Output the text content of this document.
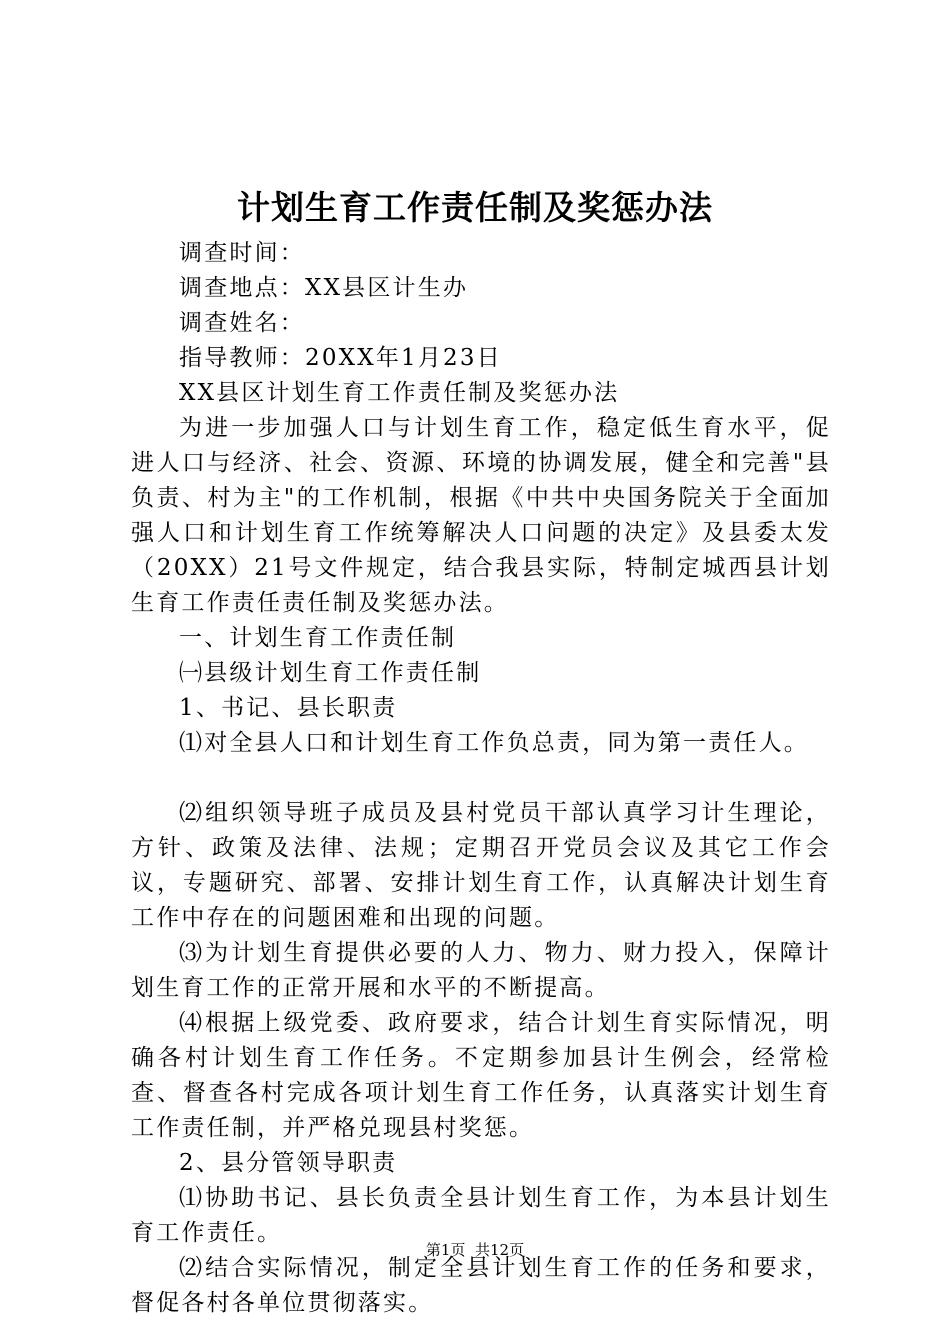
计划生育工作责任制及奖惩办法

调查时间：

调查地点：XX县区计生办

调查姓名：

指导教师：20XX年1月23日

XX县区计划生育工作责任制及奖惩办法

为进一步加强人口与计划生育工作，稳定低生育水平，促进人口与经济、社会、资源、环境的协调发展，健全和完善"县负责、村为主"的工作机制，根据《中共中央国务院关于全面加强人口和计划生育工作统筹解决人口问题的决定》及县委太发（20XX）21号文件规定，结合我县实际，特制定城西县计划生育工作责任责任制及奖惩办法。

一、计划生育工作责任制

㈠县级计划生育工作责任制

1、书记、县长职责

⑴对全县人口和计划生育工作负总责，同为第一责任人。

⑵组织领导班子成员及县村党员干部认真学习计生理论，方针、政策及法律、法规；定期召开党员会议及其它工作会议，专题研究、部署、安排计划生育工作，认真解决计划生育工作中存在的问题困难和出现的问题。

⑶为计划生育提供必要的人力、物力、财力投入，保障计划生育工作的正常开展和水平的不断提高。

⑷根据上级党委、政府要求，结合计划生育实际情况，明确各村计划生育工作任务。不定期参加县计生例会，经常检查、督查各村完成各项计划生育工作任务，认真落实计划生育工作责任制，并严格兑现县村奖惩。

2、县分管领导职责

⑴协助书记、县长负责全县计划生育工作，为本县计划生育工作责任。

⑵结合实际情况，制定全县计划生育工作的任务和要求，督促各村各单位贯彻落实。

第1页 共12页
